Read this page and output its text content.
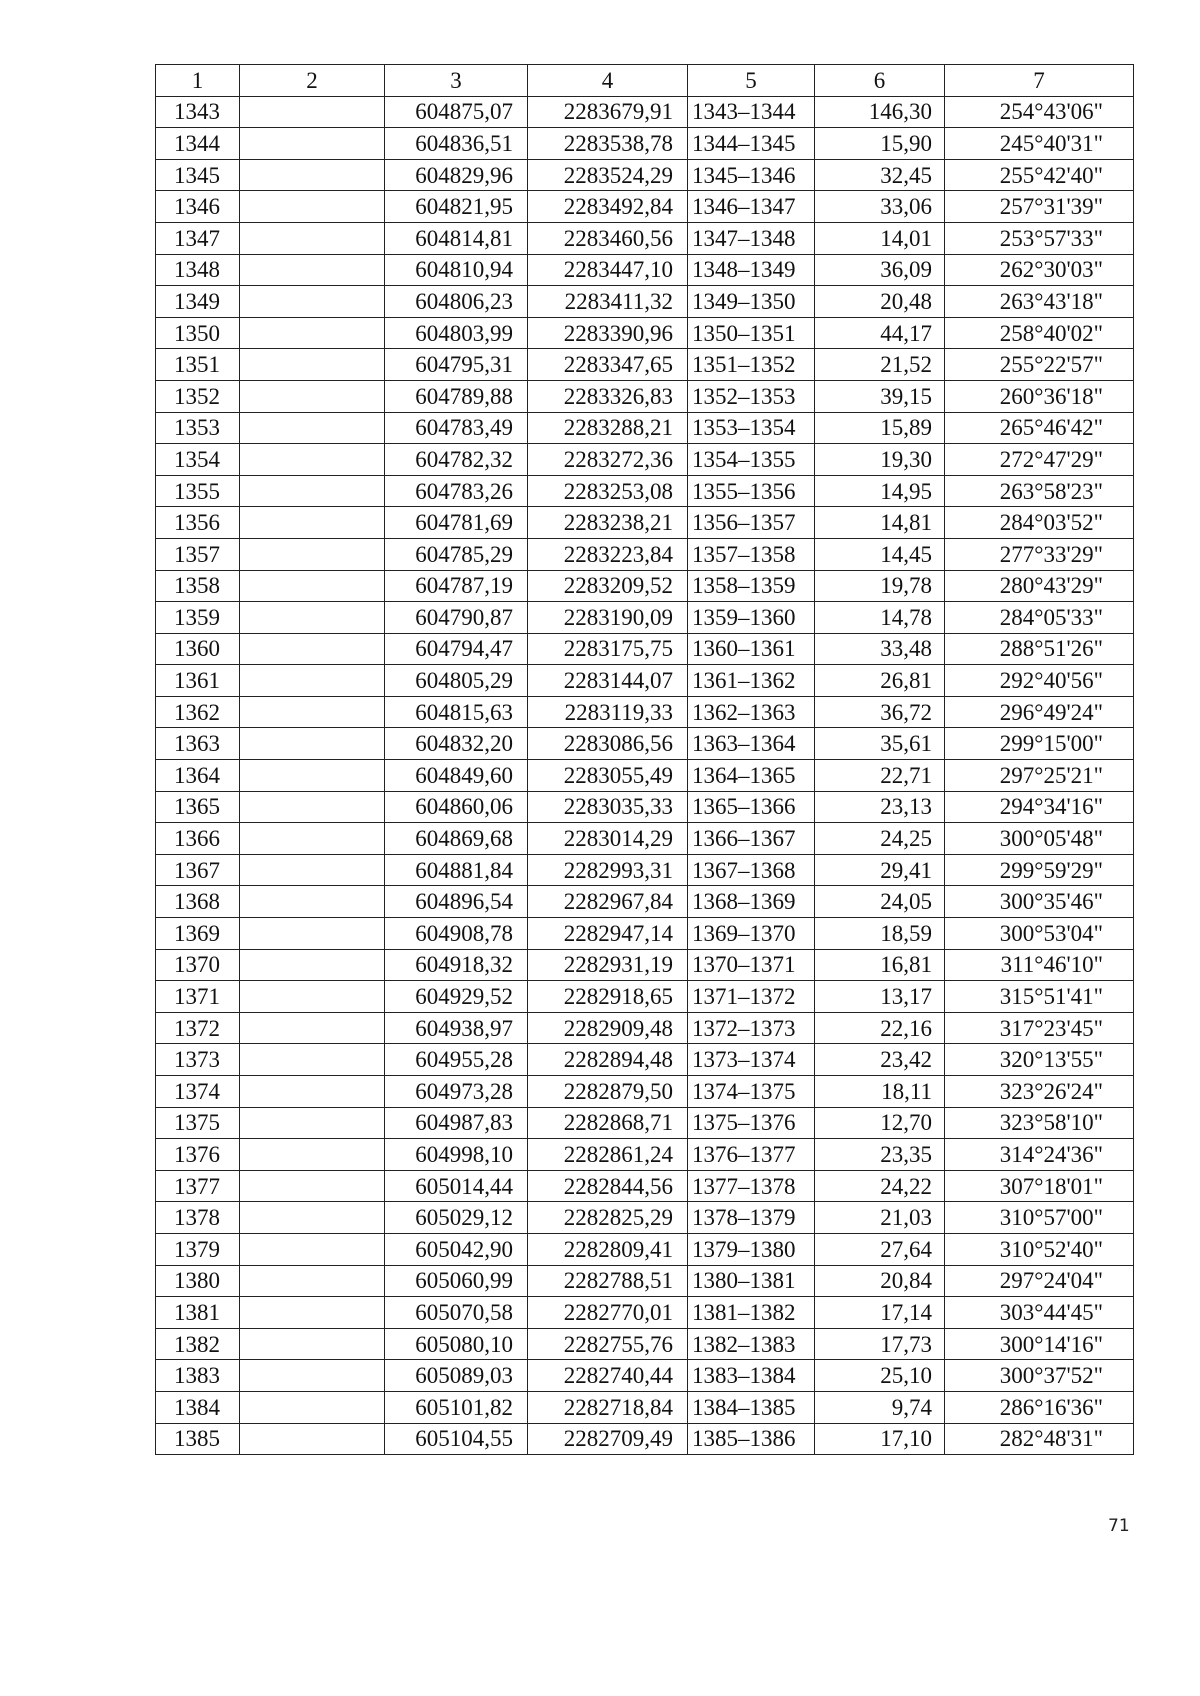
1	2	3	4	5	6	7
1343		604875,07	2283679,91	1343–1344	146,30	254°43'06"
1344		604836,51	2283538,78	1344–1345	15,90	245°40'31"
1345		604829,96	2283524,29	1345–1346	32,45	255°42'40"
1346		604821,95	2283492,84	1346–1347	33,06	257°31'39"
1347		604814,81	2283460,56	1347–1348	14,01	253°57'33"
1348		604810,94	2283447,10	1348–1349	36,09	262°30'03"
1349		604806,23	2283411,32	1349–1350	20,48	263°43'18"
1350		604803,99	2283390,96	1350–1351	44,17	258°40'02"
1351		604795,31	2283347,65	1351–1352	21,52	255°22'57"
1352		604789,88	2283326,83	1352–1353	39,15	260°36'18"
1353		604783,49	2283288,21	1353–1354	15,89	265°46'42"
1354		604782,32	2283272,36	1354–1355	19,30	272°47'29"
1355		604783,26	2283253,08	1355–1356	14,95	263°58'23"
1356		604781,69	2283238,21	1356–1357	14,81	284°03'52"
1357		604785,29	2283223,84	1357–1358	14,45	277°33'29"
1358		604787,19	2283209,52	1358–1359	19,78	280°43'29"
1359		604790,87	2283190,09	1359–1360	14,78	284°05'33"
1360		604794,47	2283175,75	1360–1361	33,48	288°51'26"
1361		604805,29	2283144,07	1361–1362	26,81	292°40'56"
1362		604815,63	2283119,33	1362–1363	36,72	296°49'24"
1363		604832,20	2283086,56	1363–1364	35,61	299°15'00"
1364		604849,60	2283055,49	1364–1365	22,71	297°25'21"
1365		604860,06	2283035,33	1365–1366	23,13	294°34'16"
1366		604869,68	2283014,29	1366–1367	24,25	300°05'48"
1367		604881,84	2282993,31	1367–1368	29,41	299°59'29"
1368		604896,54	2282967,84	1368–1369	24,05	300°35'46"
1369		604908,78	2282947,14	1369–1370	18,59	300°53'04"
1370		604918,32	2282931,19	1370–1371	16,81	311°46'10"
1371		604929,52	2282918,65	1371–1372	13,17	315°51'41"
1372		604938,97	2282909,48	1372–1373	22,16	317°23'45"
1373		604955,28	2282894,48	1373–1374	23,42	320°13'55"
1374		604973,28	2282879,50	1374–1375	18,11	323°26'24"
1375		604987,83	2282868,71	1375–1376	12,70	323°58'10"
1376		604998,10	2282861,24	1376–1377	23,35	314°24'36"
1377		605014,44	2282844,56	1377–1378	24,22	307°18'01"
1378		605029,12	2282825,29	1378–1379	21,03	310°57'00"
1379		605042,90	2282809,41	1379–1380	27,64	310°52'40"
1380		605060,99	2282788,51	1380–1381	20,84	297°24'04"
1381		605070,58	2282770,01	1381–1382	17,14	303°44'45"
1382		605080,10	2282755,76	1382–1383	17,73	300°14'16"
1383		605089,03	2282740,44	1383–1384	25,10	300°37'52"
1384		605101,82	2282718,84	1384–1385	9,74	286°16'36"
1385		605104,55	2282709,49	1385–1386	17,10	282°48'31"
71
